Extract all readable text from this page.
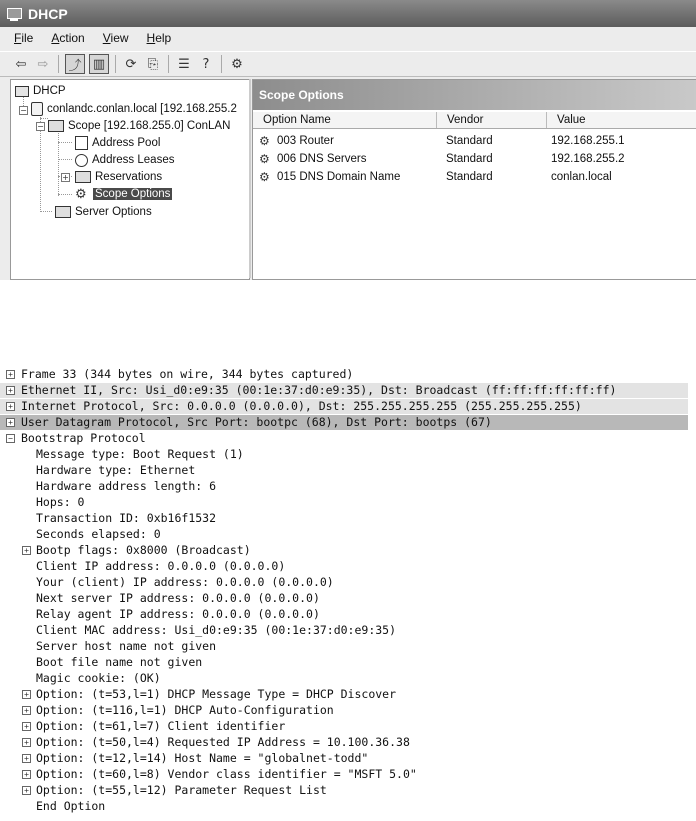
DHCP
File Action View Help
⇦ ⇨ ⤴ ▥ ⟳ ⎘ ☰ ?	⚙
DHCP
− conlandc.conlan.local [192.168.255.2
− Scope [192.168.255.0] ConLAN
Address Pool
Address Leases
+ Reservations
⚙ Scope Options
Server Options
Scope Options
Option Name	Vendor	Value
⚙ 003 Router	Standard	192.168.255.1
⚙ 006 DNS Servers	Standard	192.168.255.2
⚙ 015 DNS Domain Name	Standard	conlan.local
+ Frame 33 (344 bytes on wire, 344 bytes captured)
+ Ethernet II, Src: Usi_d0:e9:35 (00:1e:37:d0:e9:35), Dst: Broadcast (ff:ff:ff:ff:ff:ff)
+ Internet Protocol, Src: 0.0.0.0 (0.0.0.0), Dst: 255.255.255.255 (255.255.255.255)
+ User Datagram Protocol, Src Port: bootpc (68), Dst Port: bootps (67)
− Bootstrap Protocol
Message type: Boot Request (1)
Hardware type: Ethernet
Hardware address length: 6
Hops: 0
Transaction ID: 0xb16f1532
Seconds elapsed: 0
+ Bootp flags: 0x8000 (Broadcast)
Client IP address: 0.0.0.0 (0.0.0.0)
Your (client) IP address: 0.0.0.0 (0.0.0.0)
Next server IP address: 0.0.0.0 (0.0.0.0)
Relay agent IP address: 0.0.0.0 (0.0.0.0)
Client MAC address: Usi_d0:e9:35 (00:1e:37:d0:e9:35)
Server host name not given
Boot file name not given
Magic cookie: (OK)
+ Option: (t=53,l=1) DHCP Message Type = DHCP Discover
+ Option: (t=116,l=1) DHCP Auto-Configuration
+ Option: (t=61,l=7) Client identifier
+ Option: (t=50,l=4) Requested IP Address = 10.100.36.38
+ Option: (t=12,l=14) Host Name = "globalnet-todd"
+ Option: (t=60,l=8) Vendor class identifier = "MSFT 5.0"
+ Option: (t=55,l=12) Parameter Request List
End Option
